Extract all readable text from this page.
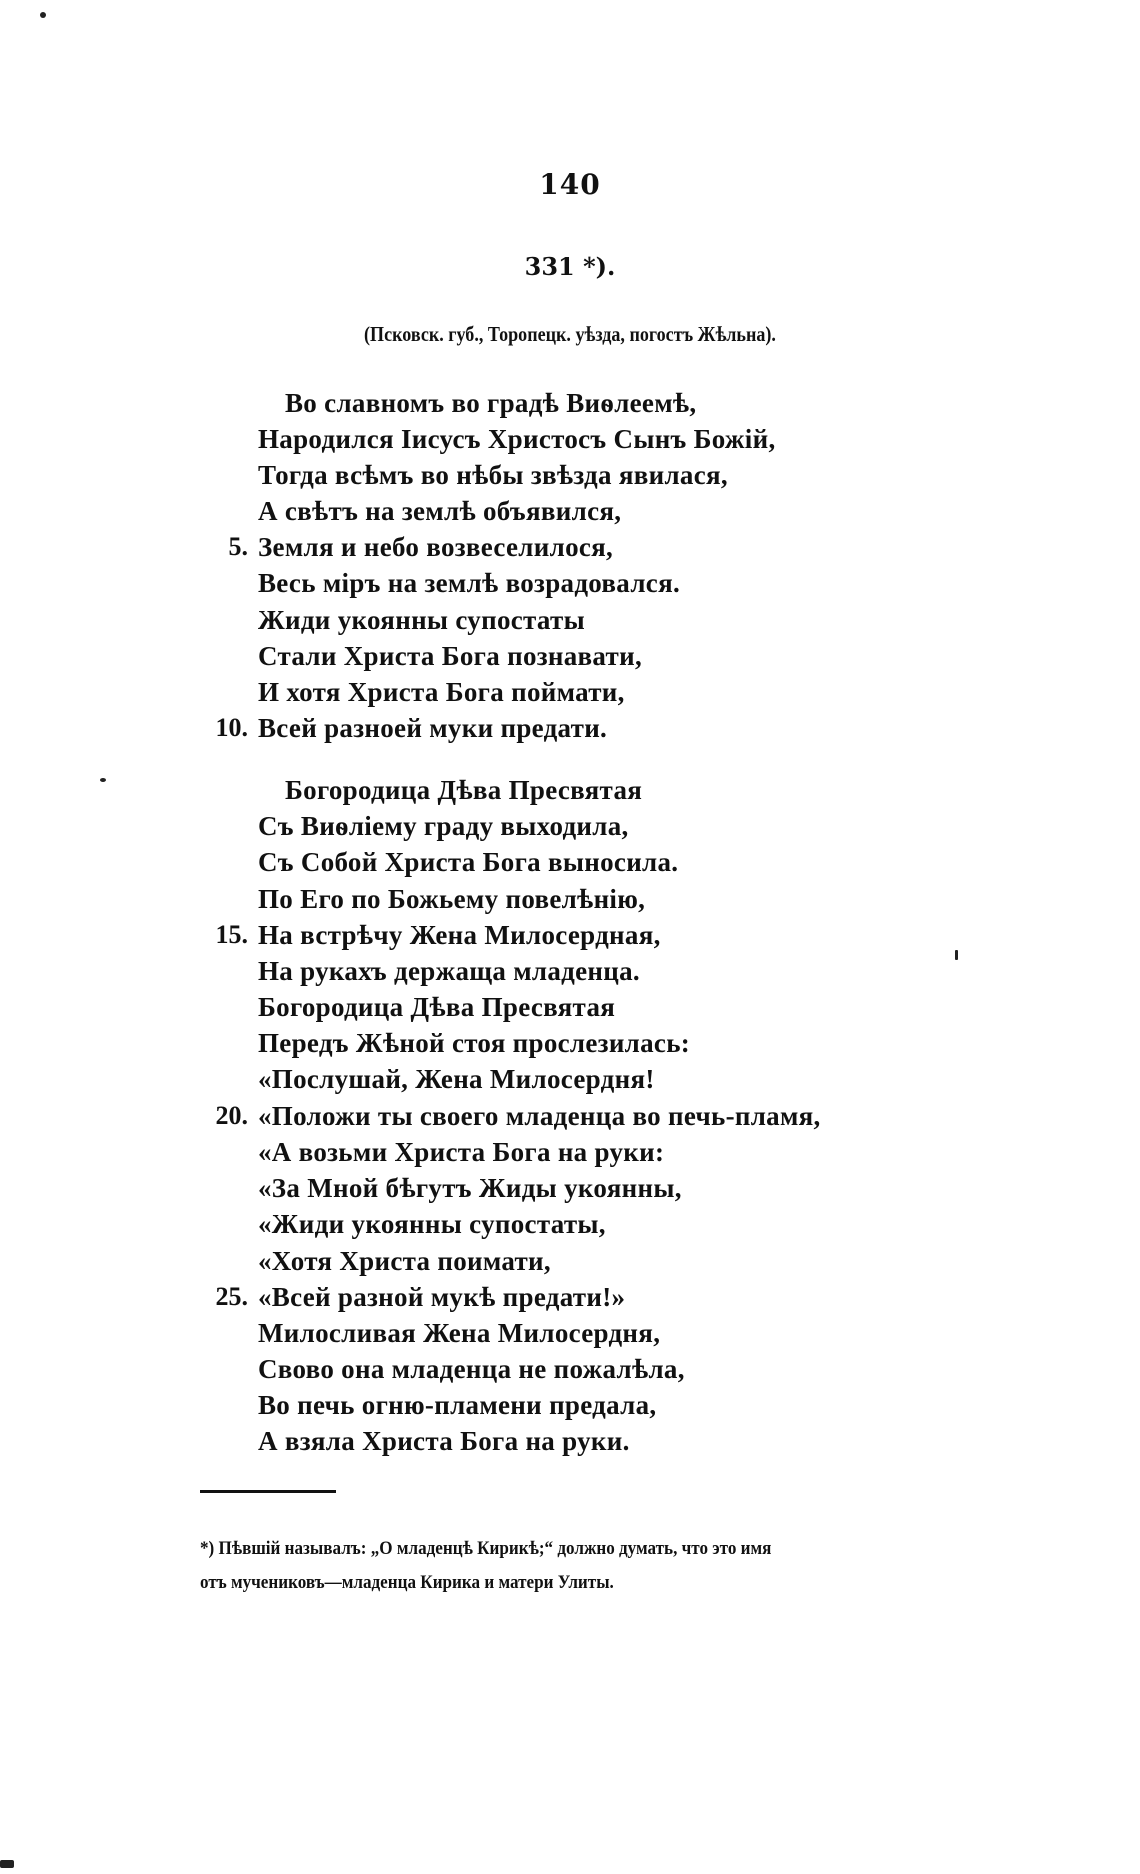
140
331 *).
(Псковск. губ., Торопецк. уѣзда, погостъ Жѣльна).
Во славномъ во градѣ Виѳлеемѣ,
Народился Іисусъ Христосъ Сынъ Божій,
Тогда всѣмъ во нѣбы звѣзда явилася,
А свѣтъ на землѣ объявился,
Земля и небо возвеселилося,
5.
Весь міръ на землѣ возрадовался.
Жиди укоянны супостаты
Стали Христа Бога познавати,
И хотя Христа Бога поймати,
Всей разноей муки предати.
10.
Богородица Дѣва Пресвятая
Съ Виѳліему граду выходила,
Съ Собой Христа Бога выносила.
По Его по Божьему повелѣнію,
На встрѣчу Жена Милосердная,
15.
На рукахъ держаща младенца.
Богородица Дѣва Пресвятая
Передъ Жѣной стоя прослезилась:
«Послушай, Жена Милосердня!
«Положи ты своего младенца во печь-пламя,
20.
«А возьми Христа Бога на руки:
«За Мной бѣгутъ Жиды укоянны,
«Жиди укоянны супостаты,
«Хотя Христа поимати,
«Всей разной мукѣ предати!»
25.
Милосливая Жена Милосердня,
Свово она младенца не пожалѣла,
Во печь огню-пламени предала,
А взяла Христа Бога на руки.
*) Пѣвшій называлъ: „О младенцѣ Кирикѣ;“ должно думать, что это имя
отъ мучениковъ—младенца Кирика и матери Улиты.
